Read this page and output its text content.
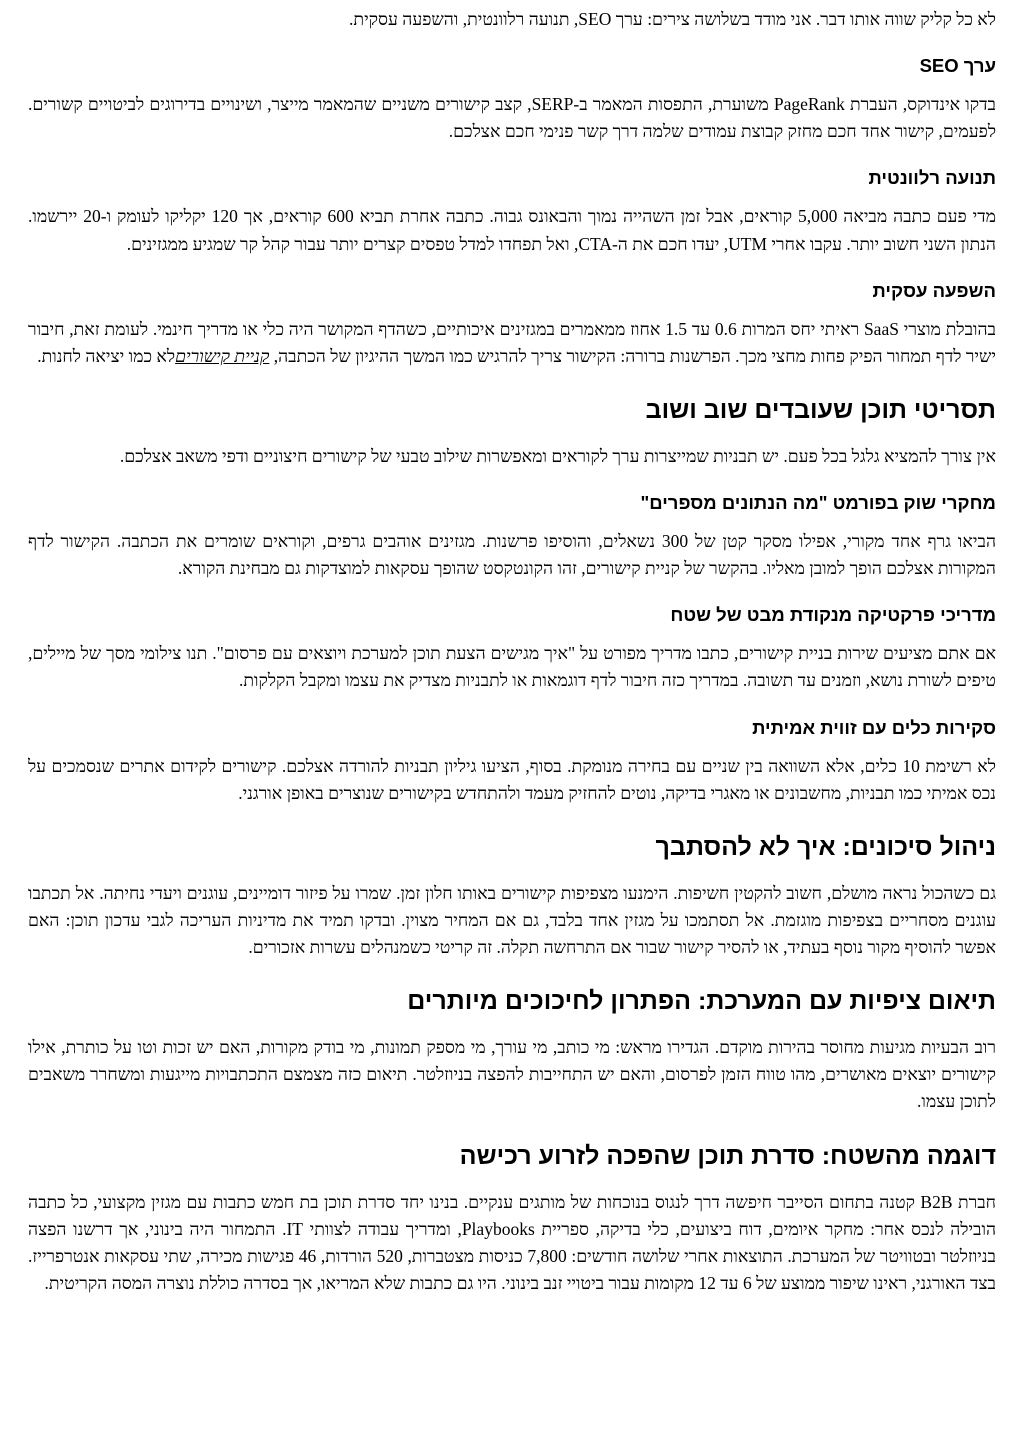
לא כל קליק שווה אותו דבר. אני מודד בשלושה צירים: ערך SEO, תנועה רלוונטית, והשפעה עסקית.

ערך SEO

בדקו אינדוקס, העברת PageRank משוערת, התפסות המאמר ב-SERP, קצב קישורים משניים שהמאמר מייצר, ושינויים בדירוגים לביטויים קשורים. לפעמים, קישור אחד חכם מחזק קבוצת עמודים שלמה דרך קשר פנימי חכם אצלכם.

תנועה רלוונטית

מדי פעם כתבה מביאה 5,000 קוראים, אבל זמן השהייה נמוך והבאונס גבוה. כתבה אחרת תביא 600 קוראים, אך 120 יקליקו לעומק ו-20 יירשמו. הנתון השני חשוב יותר. עקבו אחרי UTM, יעדו חכם את ה-CTA, ואל תפחדו למדל טפסים קצרים יותר עבור קהל קר שמגיע ממגזינים.

השפעה עסקית

בהובלת מוצרי SaaS ראיתי יחס המרות 0.6 עד 1.5 אחוז ממאמרים במגזינים איכותיים, כשהדף המקושר היה כלי או מדריך חינמי. לעומת זאת, חיבור ישיר לדף תמחור הפיק פחות מחצי מכך. הפרשנות ברורה: הקישור צריך להרגיש כמו המשך ההיגיון של הכתבה, קניית קישוריםלא כמו יציאה לחנות.

תסריטי תוכן שעובדים שוב ושוב

אין צורך להמציא גלגל בכל פעם. יש תבניות שמייצרות ערך לקוראים ומאפשרות שילוב טבעי של קישורים חיצוניים ודפי משאב אצלכם.

מחקרי שוק בפורמט "מה הנתונים מספרים"

הביאו גרף אחד מקורי, אפילו מסקר קטן של 300 נשאלים, והוסיפו פרשנות. מגזינים אוהבים גרפים, וקוראים שומרים את הכתבה. הקישור לדף המקורות אצלכם הופך למובן מאליו. בהקשר של קניית קישורים, זהו הקונטקסט שהופך עסקאות למוצדקות גם מבחינת הקורא.

מדריכי פרקטיקה מנקודת מבט של שטח

אם אתם מציעים שירות בניית קישורים, כתבו מדריך מפורט על "איך מגישים הצעת תוכן למערכת ויוצאים עם פרסום". תנו צילומי מסך של מיילים, טיפים לשורת נושא, וזמנים עד תשובה. במדריך כזה חיבור לדף דוגמאות או לתבניות מצדיק את עצמו ומקבל הקלקות.

סקירות כלים עם זווית אמיתית

לא רשימת 10 כלים, אלא השוואה בין שניים עם בחירה מנומקת. בסוף, הציעו גיליון תבניות להורדה אצלכם. קישורים לקידום אתרים שנסמכים על נכס אמיתי כמו תבניות, מחשבונים או מאגרי בדיקה, נוטים להחזיק מעמד ולהתחדש בקישורים שנוצרים באופן אורגני.

ניהול סיכונים: איך לא להסתבך

גם כשהכול נראה מושלם, חשוב להקטין חשיפות. הימנעו מצפיפות קישורים באותו חלון זמן. שמרו על פיזור דומיינים, עוגנים ויעדי נחיתה. אל תכתבו עוגנים מסחריים בצפיפות מוגזמת. אל תסתמכו על מגזין אחד בלבד, גם אם המחיר מצוין. ובדקו תמיד את מדיניות העריכה לגבי עדכון תוכן: האם אפשר להוסיף מקור נוסף בעתיד, או להסיר קישור שבור אם התרחשה תקלה. זה קריטי כשמנהלים עשרות אזכורים.

תיאום ציפיות עם המערכת: הפתרון לחיכוכים מיותרים

רוב הבעיות מגיעות מחוסר בהירות מוקדם. הגדירו מראש: מי כותב, מי עורך, מי מספק תמונות, מי בודק מקורות, האם יש זכות וטו על כותרת, אילו קישורים יוצאים מאושרים, מהו טווח הזמן לפרסום, והאם יש התחייבות להפצה בניוזלטר. תיאום כזה מצמצם התכתבויות מייגעות ומשחרר משאבים לתוכן עצמו.

דוגמה מהשטח: סדרת תוכן שהפכה לזרוע רכישה

חברת B2B קטנה בתחום הסייבר חיפשה דרך לנגוס בנוכחות של מותגים ענקיים. בנינו יחד סדרת תוכן בת חמש כתבות עם מגזין מקצועי, כל כתבה הובילה לנכס אחר: מחקר איומים, דוח ביצועים, כלי בדיקה, ספריית Playbooks, ומדריך עבודה לצוותי IT. התמחור היה בינוני, אך דרשנו הפצה בניוזלטר ובטוויטר של המערכת. התוצאות אחרי שלושה חודשים: 7,800 כניסות מצטברות, 520 הורדות, 46 פגישות מכירה, שתי עסקאות אנטרפרייז. בצד האורגני, ראינו שיפור ממוצע של 6 עד 12 מקומות עבור ביטויי זנב בינוני. היו גם כתבות שלא המריאו, אך בסדרה כוללת נוצרה המסה הקריטית.
